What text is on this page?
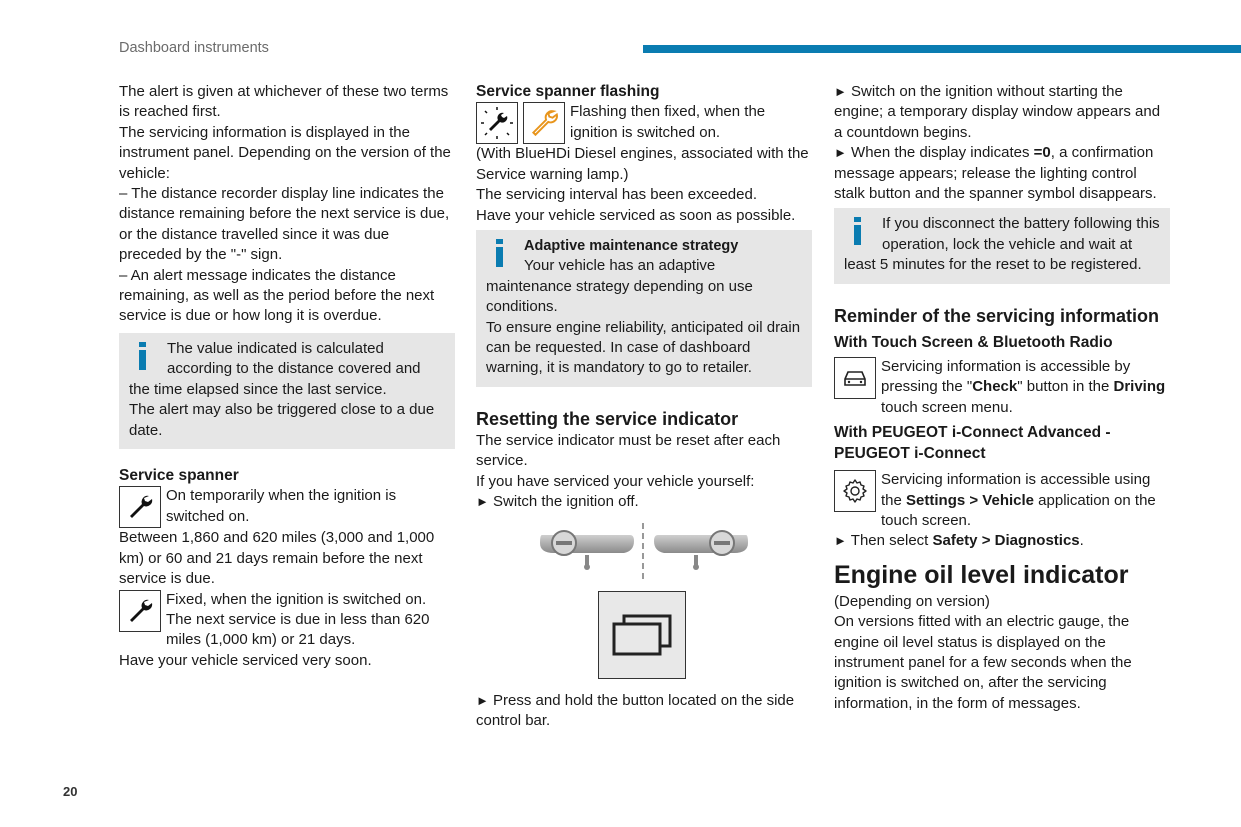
Dashboard instruments
20

The alert is given at whichever of these two terms is reached first.

The servicing information is displayed in the instrument panel. Depending on the version of the vehicle:

– The distance recorder display line indicates the distance remaining before the next service is due, or the distance travelled since it was due preceded by the "-" sign.

– An alert message indicates the distance remaining, as well as the period before the next service is due or how long it is overdue.

The value indicated is calculated according to the distance covered and the time elapsed since the last service.

The alert may also be triggered close to a due date.

Service spanner

On temporarily when the ignition is switched on.

Between 1,860 and 620 miles (3,000 and 1,000 km) or 60 and 21 days remain before the next service is due.

Fixed, when the ignition is switched on. The next service is due in less than 620 miles (1,000 km) or 21 days.

Have your vehicle serviced very soon.

Service spanner flashing

Flashing then fixed, when the ignition is switched on.

(With BlueHDi Diesel engines, associated with the Service warning lamp.)

The servicing interval has been exceeded.

Have your vehicle serviced as soon as possible.

Adaptive maintenance strategy

Your vehicle has an adaptive maintenance strategy depending on use conditions.

To ensure engine reliability, anticipated oil drain can be requested. In case of dashboard warning, it is mandatory to go to retailer.

Resetting the service indicator

The service indicator must be reset after each service.

If you have serviced your vehicle yourself:

► Switch the ignition off.

► Press and hold the button located on the side control bar.

► Switch on the ignition without starting the engine; a temporary display window appears and a countdown begins.

► When the display indicates =0, a confirmation message appears; release the lighting control stalk button and the spanner symbol disappears.

If you disconnect the battery following this operation, lock the vehicle and wait at least 5 minutes for the reset to be registered.

Reminder of the servicing information

With Touch Screen & Bluetooth Radio

Servicing information is accessible by pressing the "Check" button in the Driving touch screen menu.

With PEUGEOT i-Connect Advanced - PEUGEOT i-Connect

Servicing information is accessible using the Settings > Vehicle application on the touch screen.

► Then select Safety > Diagnostics.

Engine oil level indicator

(Depending on version)

On versions fitted with an electric gauge, the engine oil level status is displayed on the instrument panel for a few seconds when the ignition is switched on, after the servicing information, in the form of messages.
